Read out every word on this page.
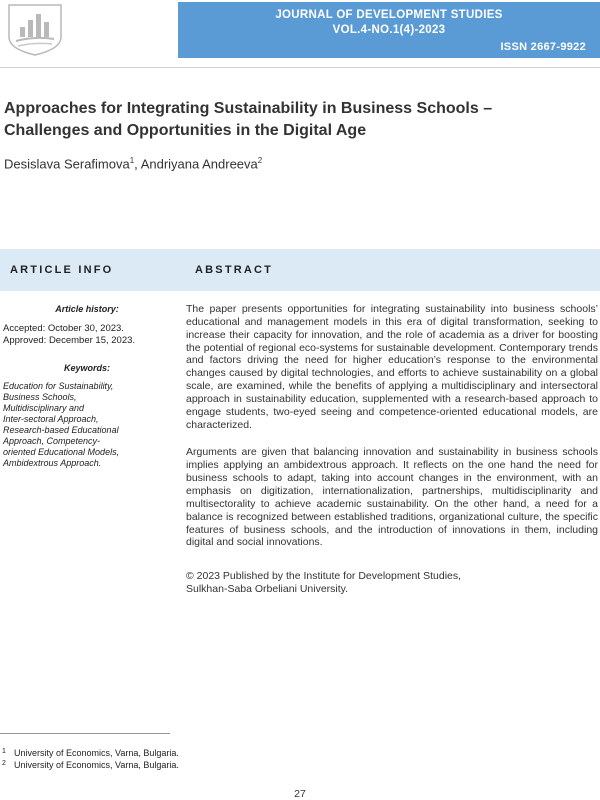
JOURNAL OF DEVELOPMENT STUDIES
VOL.4-NO.1(4)-2023
ISSN 2667-9922
Approaches for Integrating Sustainability in Business Schools –
Challenges and Opportunities in the Digital Age
Desislava Serafimova$^1$, Andriyana Andreeva$^2$
ARTICLE INFO	ABSTRACT
Article history:
Accepted: October 30, 2023.
Approved: December 15, 2023.
Keywords:
Education for Sustainability,
Business Schools,
Multidisciplinary and
Inter-sectoral Approach,
Research-based Educational
Approach, Competency-
oriented Educational Models,
Ambidextrous Approach.

The paper presents opportunities for integrating sustainability into business schools’ educational and management models in this era of digital transformation, seeking to increase their capacity for innovation, and the role of academia as a driver for boosting the potential of regional eco-systems for sustainable development. Contemporary trends and factors driving the need for higher education’s response to the environmental changes caused by digital technologies, and efforts to achieve sustainability on a global scale, are examined, while the benefits of applying a multidisciplinary and intersectoral approach in sustainability education, supplemented with a research-based approach to engage students, two-eyed seeing and competence-oriented educational models, are characterized.

Arguments are given that balancing innovation and sustainability in business schools implies applying an ambidextrous approach. It reflects on the one hand the need for business schools to adapt, taking into account changes in the environment, with an emphasis on digitization, internationalization, partnerships, multidisciplinarity and multisectorality to achieve academic sustainability. On the other hand, a need for a balance is recognized between established traditions, organizational culture, the specific features of business schools, and the introduction of innovations in them, including digital and social innovations.

© 2023 Published by the Institute for Development Studies,
Sulkhan-Saba Orbeliani University.
1 University of Economics, Varna, Bulgaria.
2 University of Economics, Varna, Bulgaria.
27
